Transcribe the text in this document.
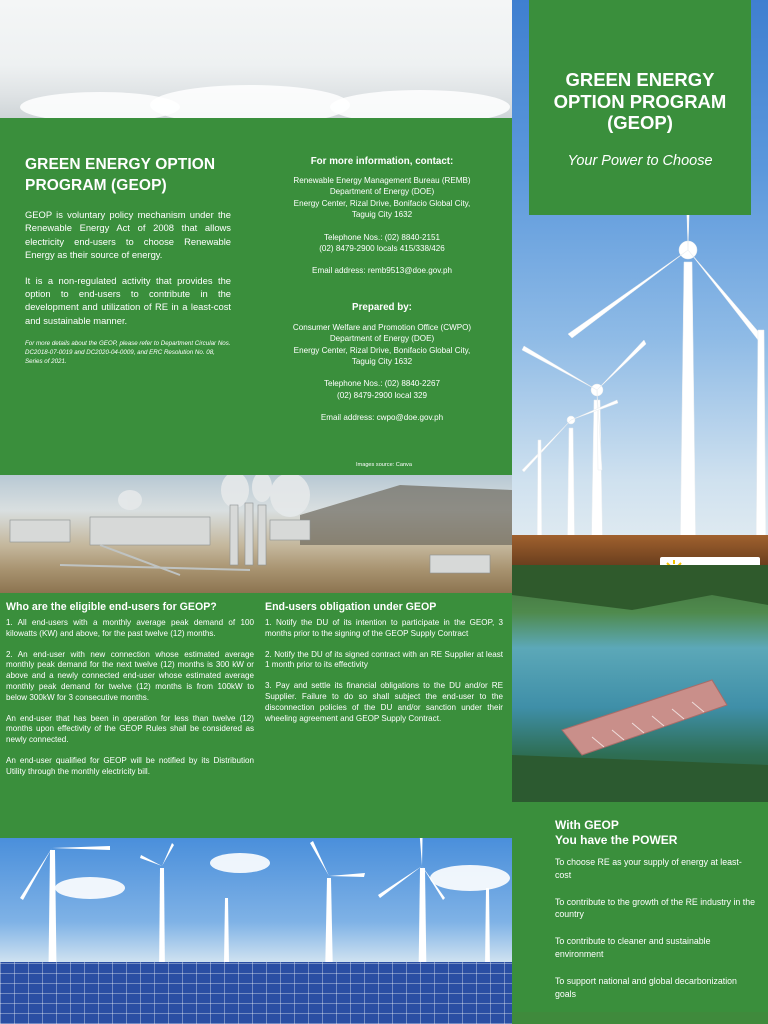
GREEN ENERGY OPTION
PROGRAM (GEOP)

GEOP is voluntary policy mechanism under the Renewable Energy Act of 2008 that allows electricity end-users to choose Renewable Energy as their source of energy.

It is a non-regulated activity that provides the option to end-users to contribute in the development and utilization of RE in a least-cost and sustainable manner.

For more details about the GEOP, please refer to Department Circular Nos. DC2018-07-0019 and DC2020-04-0009, and ERC Resolution No. 08, Series of 2021.

For more information, contact:
Renewable Energy Management Bureau (REMB)
Department of Energy (DOE)
Energy Center, Rizal Drive, Bonifacio Global City,
Taguig City 1632
Telephone Nos.: (02) 8840-2151
(02) 8479-2900 locals 415/338/426
Email address: remb9513@doe.gov.ph
Prepared by:
Consumer Welfare and Promotion Office (CWPO)
Department of Energy (DOE)
Energy Center, Rizal Drive, Bonifacio Global City,
Taguig City 1632
Telephone Nos.: (02) 8840-2267
(02) 8479-2900 local 329
Email address: cwpo@doe.gov.ph
Images source: Canva
GREEN ENERGY
OPTION PROGRAM
(GEOP)
Your Power to Choose
Who are the eligible end-users for GEOP?

1. All end-users with a monthly average peak demand of 100 kilowatts (KW) and above, for the past twelve (12) months.

2. An end-user with new connection whose estimated average monthly peak demand for the next twelve (12) months is 300 kW or above and a newly connected end-user whose estimated average monthly peak demand for twelve (12) months is from 100kW to below 300kW for 3 consecutive months.

An end-user that has been in operation for less than twelve (12) months upon effectivity of the GEOP Rules shall be considered as newly connected.

An end-user qualified for GEOP will be notified by its Distribution Utility through the monthly electricity bill.

End-users obligation under GEOP

1. Notify the DU of its intention to participate in the GEOP, 3 months prior to the signing of the GEOP Supply Contract

2. Notify the DU of its signed contract with an RE Supplier at least 1 month prior to its effectivity

3. Pay and settle its financial obligations to the DU and/or RE Supplier. Failure to do so shall subject the end-user to the disconnection policies of the DU and/or sanction under their wheeling agreement and GEOP Supply Contract.

With GEOP
You have the POWER

To choose RE as your supply of energy at least-cost

To contribute to the growth of the RE industry in the country

To contribute to cleaner and sustainable environment

To support national and global decarbonization goals
